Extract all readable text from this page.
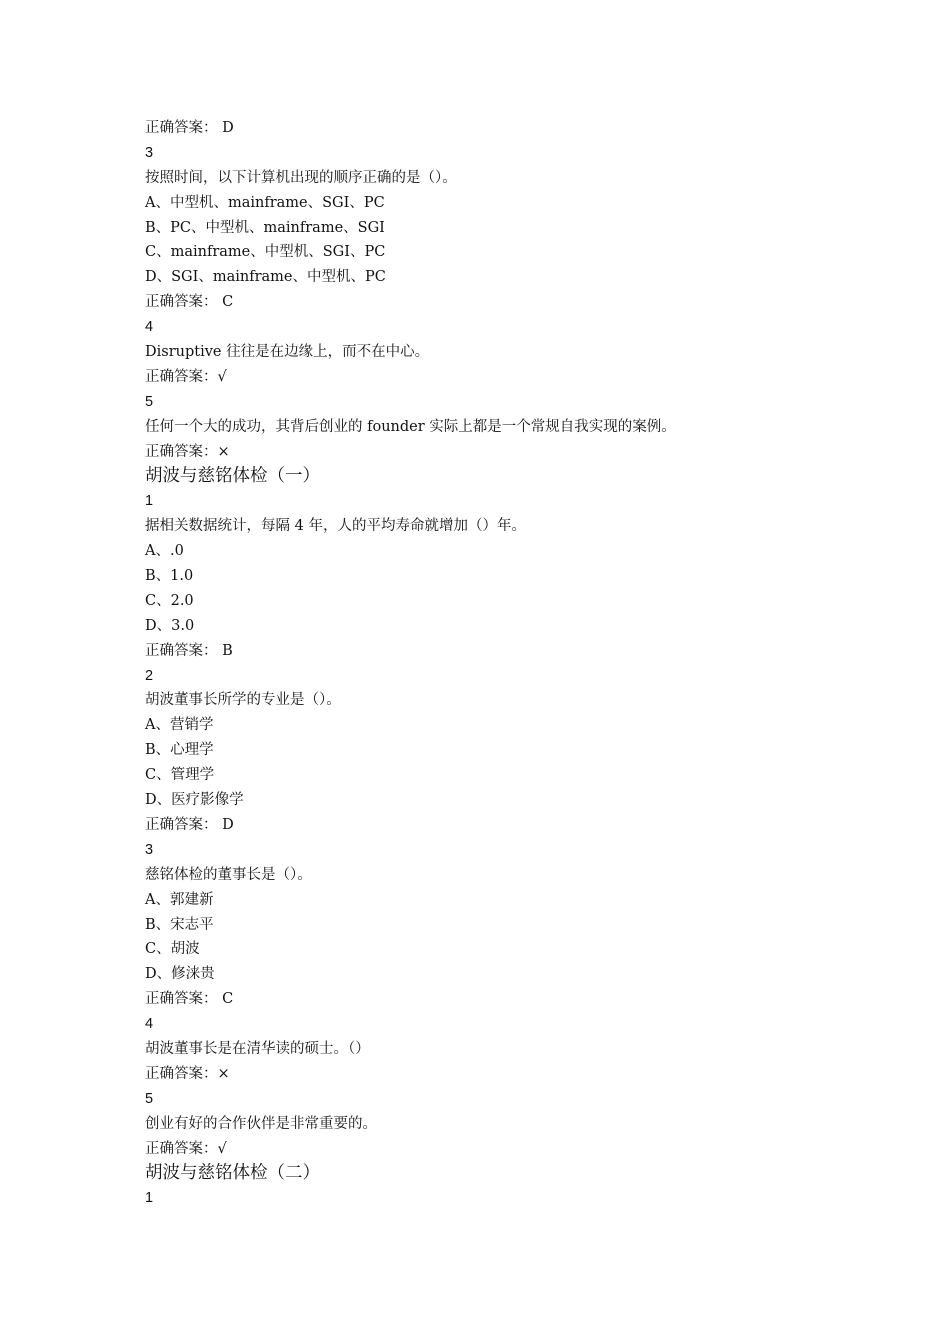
正确答案： D
3
按照时间，以下计算机出现的顺序正确的是（）。
A、中型机、mainframe、SGI、PC
B、PC、中型机、mainframe、SGI
C、mainframe、中型机、SGI、PC
D、SGI、mainframe、中型机、PC
正确答案： C
4
Disruptive 往往是在边缘上，而不在中心。
正确答案：√
5
任何一个大的成功，其背后创业的 founder 实际上都是一个常规自我实现的案例。
正确答案：×
胡波与慈铭体检（一）
1
据相关数据统计，每隔 4 年，人的平均寿命就增加（）年。
A、.0
B、1.0
C、2.0
D、3.0
正确答案： B
2
胡波董事长所学的专业是（）。
A、营销学
B、心理学
C、管理学
D、医疗影像学
正确答案： D
3
慈铭体检的董事长是（）。
A、郭建新
B、宋志平
C、胡波
D、修涞贵
正确答案： C
4
胡波董事长是在清华读的硕士。（）
正确答案：×
5
创业有好的合作伙伴是非常重要的。
正确答案：√
胡波与慈铭体检（二）
1
